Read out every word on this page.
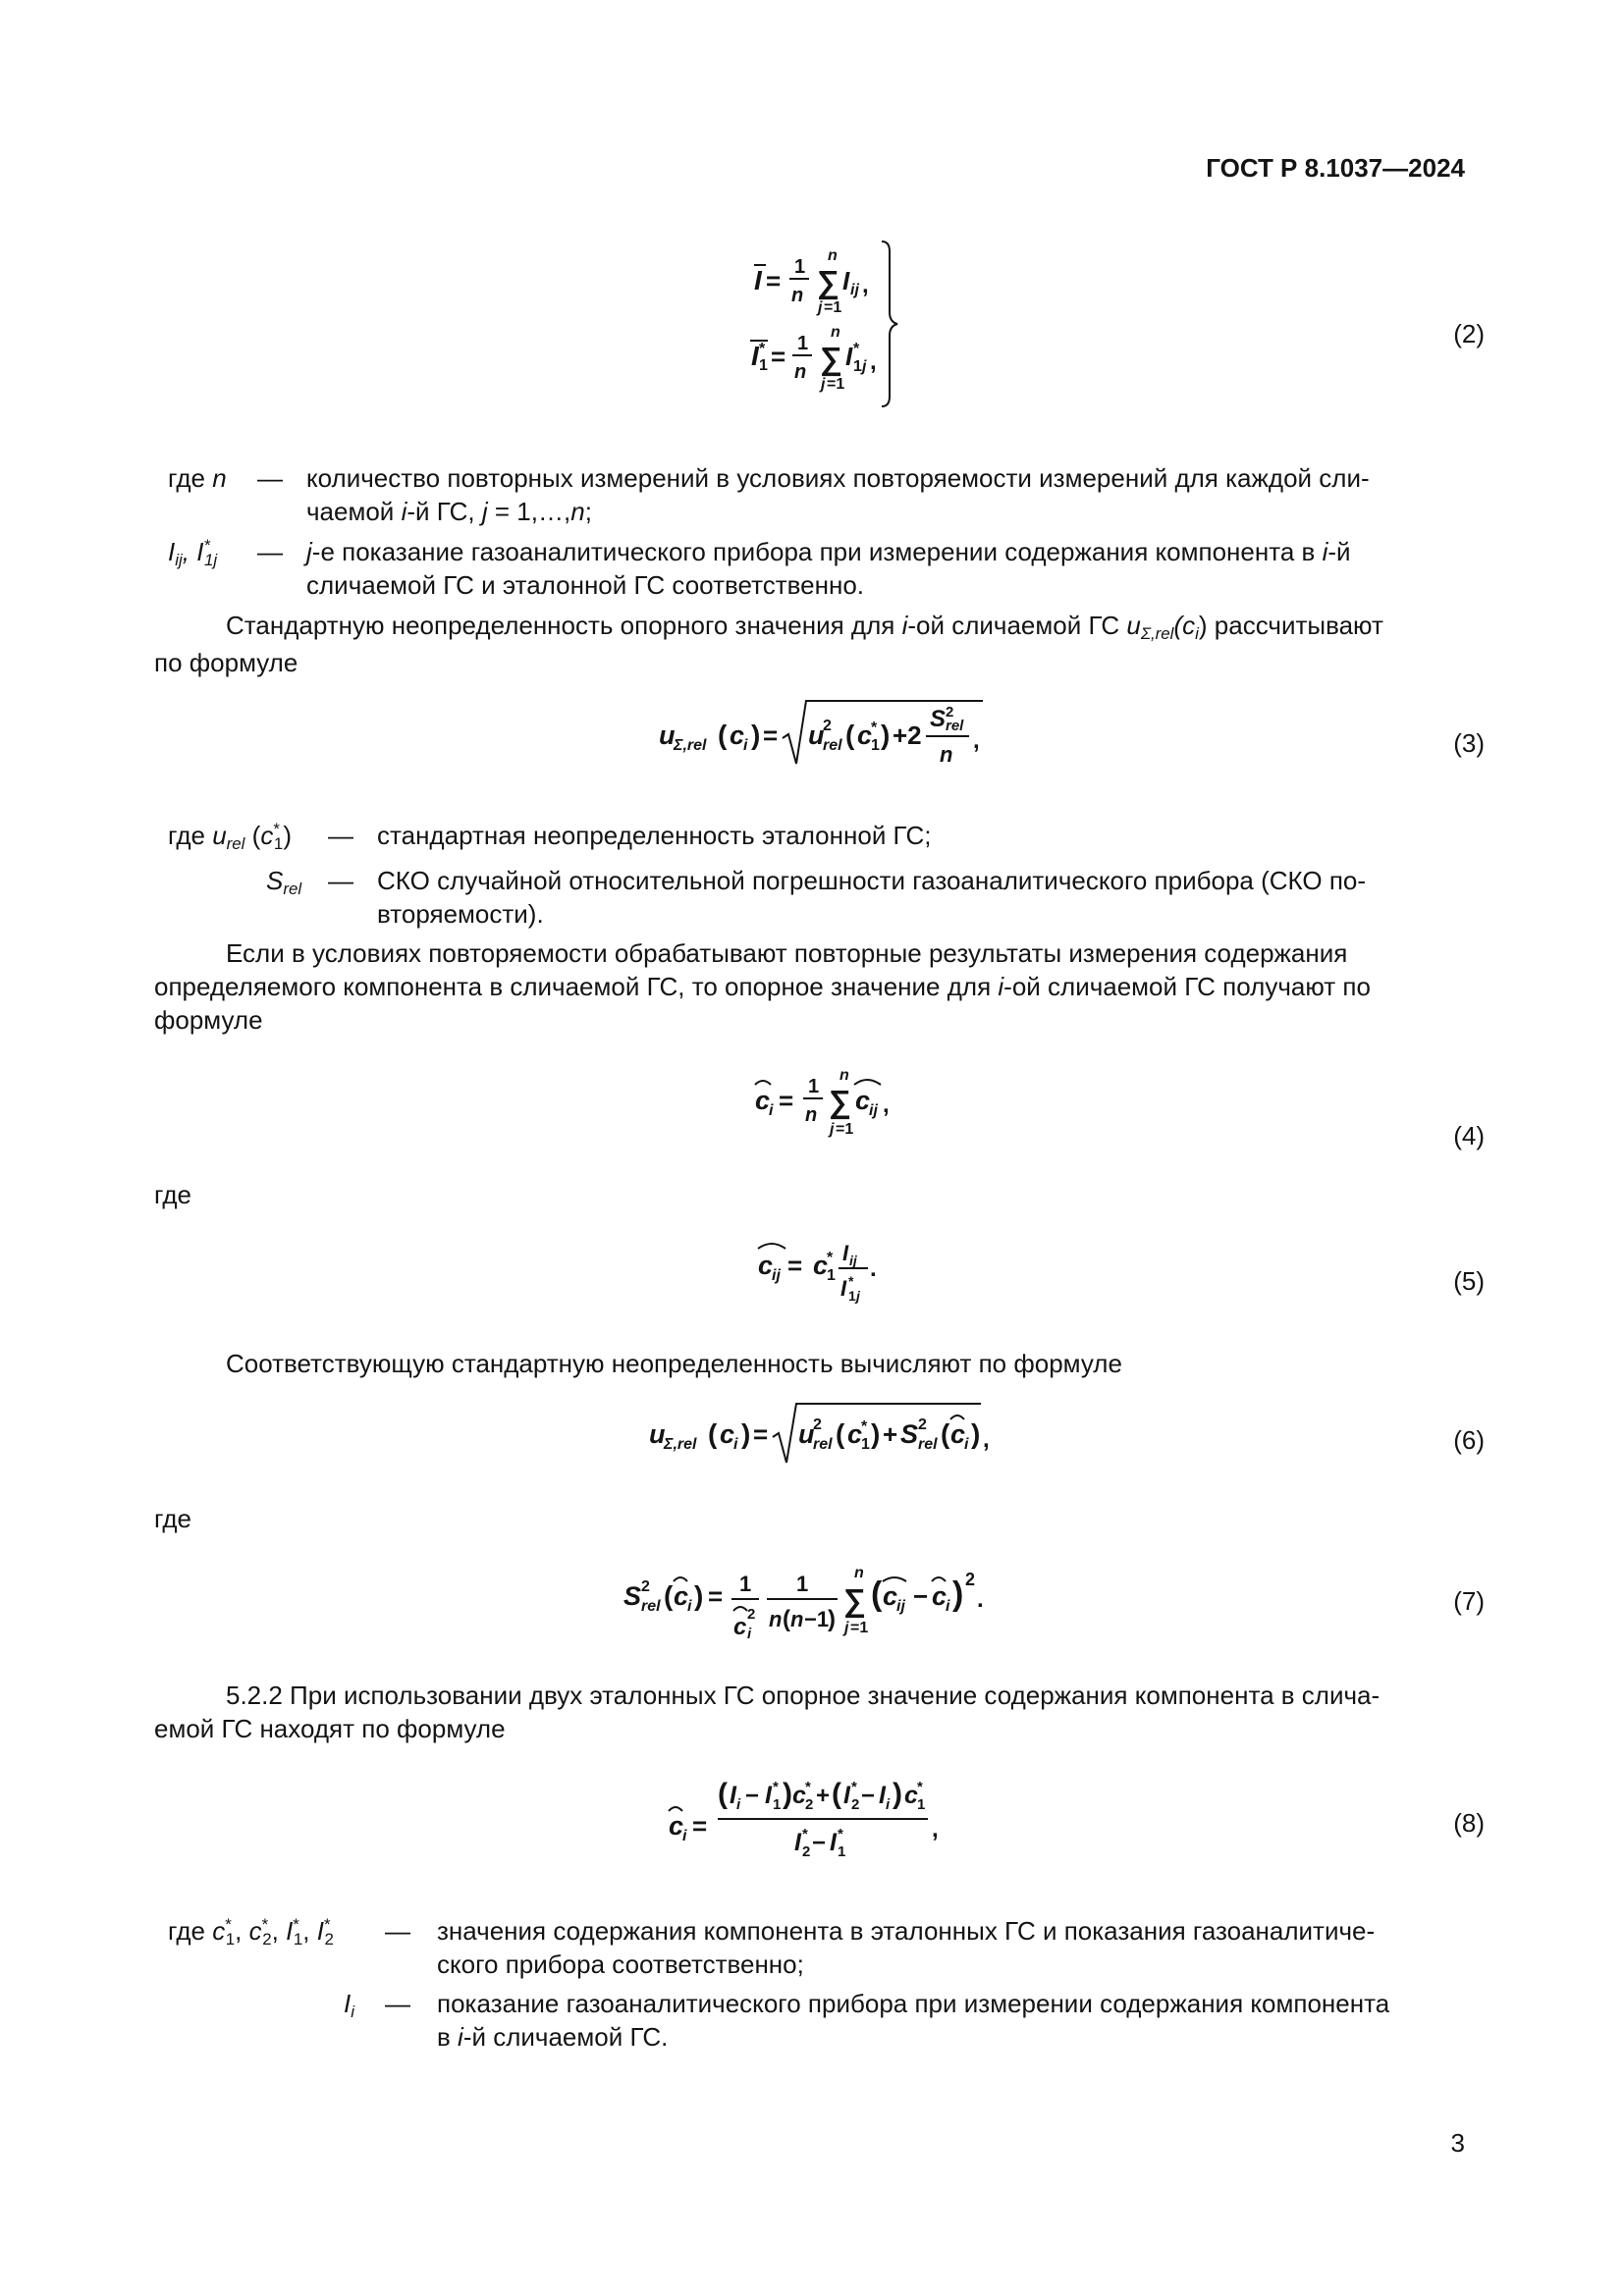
ГОСТ Р 8.1037—2024
I = 1
n
n
∑
j =1
I ij ,
I *
1 = 1
n
n
∑
j =1
I *
1 j ,
(2)
где n — количество повторных измерений в условиях повторяемости измерений для каждой сли-
чаемой i-й ГС, j = 1,…,n;
Iij, I*1j — j-е показание газоаналитического прибора при измерении содержания компонента в i-й
сличаемой ГС и эталонной ГС соответственно.
Стандартную неопределенность опорного значения для i-ой сличаемой ГС uΣ,rel(ci) рассчитывают
по формуле
u
Σ,rel ( c
i ) = u
2
rel ( c
*
1 ) +2
S 2
rel
n
,	(3)
где urel (c*1) — стандартная неопределенность эталонной ГС;
Srel — СКО случайной относительной погрешности газоаналитического прибора (СКО по-
вторяемости).
Если в условиях повторяемости обрабатывают повторные результаты измерения содержания
определяемого компонента в сличаемой ГС, то опорное значение для i-ой сличаемой ГС получают по
формуле
c
i = 1
n
n
∑
j =1
c
ij ,
(4)
где
c
ij = c
*
1
I ij
I *
1 j
.	(5)
Соответствующую стандартную неопределенность вычисляют по формуле
u
Σ,rel ( c
i ) = u
2
rel ( c
*
1 ) + S 2
rel ( c
i ) ,	(6)
где
S 2
rel ( c
i ) = 1
c 2
i
1
n ( n −1
)
n
∑
j =1
( c
ij − c
i ) 2
.	(7)
5.2.2 При использовании двух эталонных ГС опорное значение содержания компонента в слича-
емой ГС находят по формуле
c
i =
( I i − I *
1 ) c *
2 + ( I *
2 − I i ) c *
1
I *
2 − I *
1
,	(8)
где c*1, c*2, I*1, I*2 — значения содержания компонента в эталонных ГС и показания газоаналитиче-
ского прибора соответственно;
Ii — показание газоаналитического прибора при измерении содержания компонента
в i-й сличаемой ГС.
3
